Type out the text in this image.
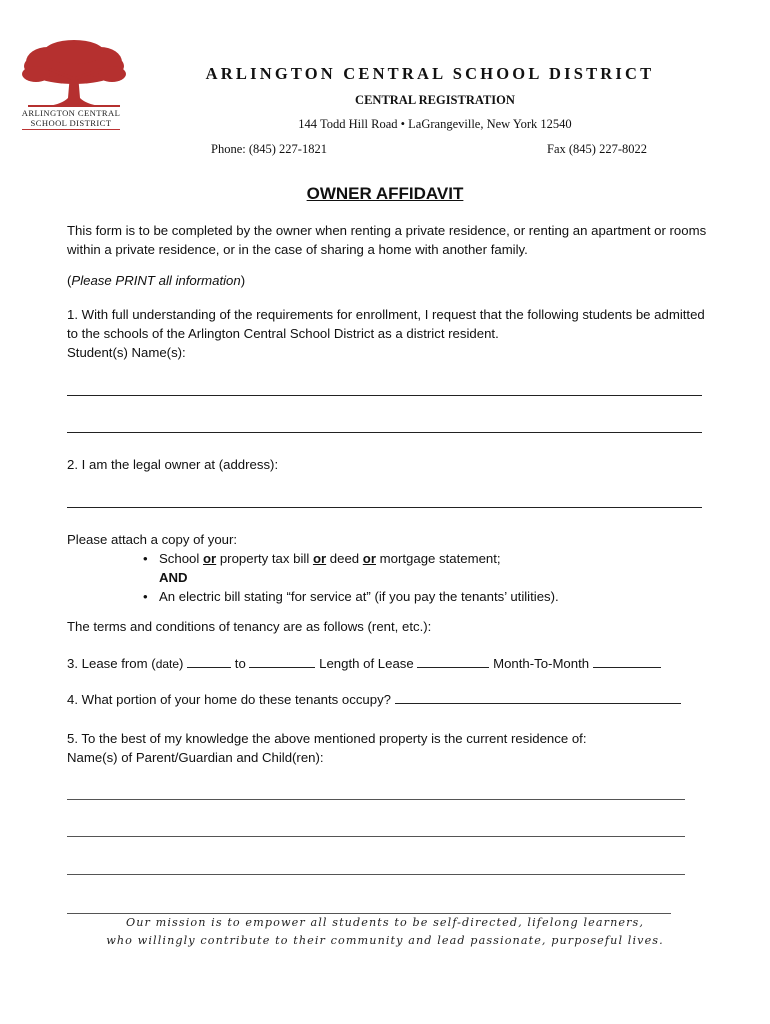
ARLINGTON CENTRAL
SCHOOL DISTRICT
ARLINGTON CENTRAL SCHOOL DISTRICT
CENTRAL REGISTRATION
144 Todd Hill Road • LaGrangeville, New York 12540
Phone: (845) 227-1821	Fax (845) 227-8022
OWNER AFFIDAVIT
This form is to be completed by the owner when renting a private residence, or renting an apartment or rooms within a private residence, or in the case of sharing a home with another family.
(Please PRINT all information)
1. With full understanding of the requirements for enrollment, I request that the following students be admitted to the schools of the Arlington Central School District as a district resident.
Student(s) Name(s):
2. I am the legal owner at (address):
Please attach a copy of your:
• School or property tax bill or deed or mortgage statement;
AND
• An electric bill stating “for service at” (if you pay the tenants’ utilities).
The terms and conditions of tenancy are as follows (rent, etc.):
3. Lease from (date)	to	Length of Lease	Month-To-Month
4. What portion of your home do these tenants occupy?
5. To the best of my knowledge the above mentioned property is the current residence of:
Name(s) of Parent/Guardian and Child(ren):
Our mission is to empower all students to be self-directed, lifelong learners,
who willingly contribute to their community and lead passionate, purposeful lives.
